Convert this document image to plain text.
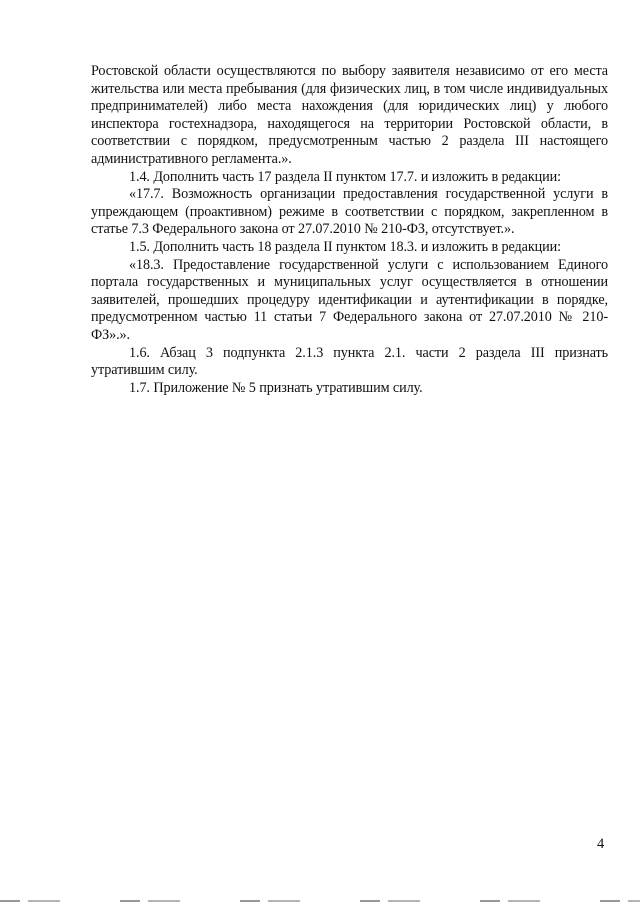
Ростовской области осуществляются по выбору заявителя независимо от его места жительства или места пребывания (для физических лиц, в том числе индивидуальных предпринимателей) либо места нахождения (для юридических лиц) у любого инспектора гостехнадзора, находящегося на территории Ростовской области, в соответствии с порядком, предусмотренным частью 2 раздела III настоящего административного регламента.».

1.4. Дополнить часть 17 раздела II пунктом 17.7. и изложить в редакции:

«17.7. Возможность организации предоставления государственной услуги в упреждающем (проактивном) режиме в соответствии с порядком, закрепленном в статье 7.3 Федерального закона от 27.07.2010 № 210-ФЗ, отсутствует.».

1.5. Дополнить часть 18 раздела II пунктом 18.3. и изложить в редакции:

«18.3. Предоставление государственной услуги с использованием Единого портала государственных и муниципальных услуг осуществляется в отношении заявителей, прошедших процедуру идентификации и аутентификации в порядке, предусмотренном частью 11 статьи 7 Федерального закона от 27.07.2010 № 210-ФЗ».».

1.6. Абзац 3 подпункта 2.1.3 пункта 2.1. части 2 раздела III признать утратившим силу.

1.7. Приложение № 5 признать утратившим силу.

4
